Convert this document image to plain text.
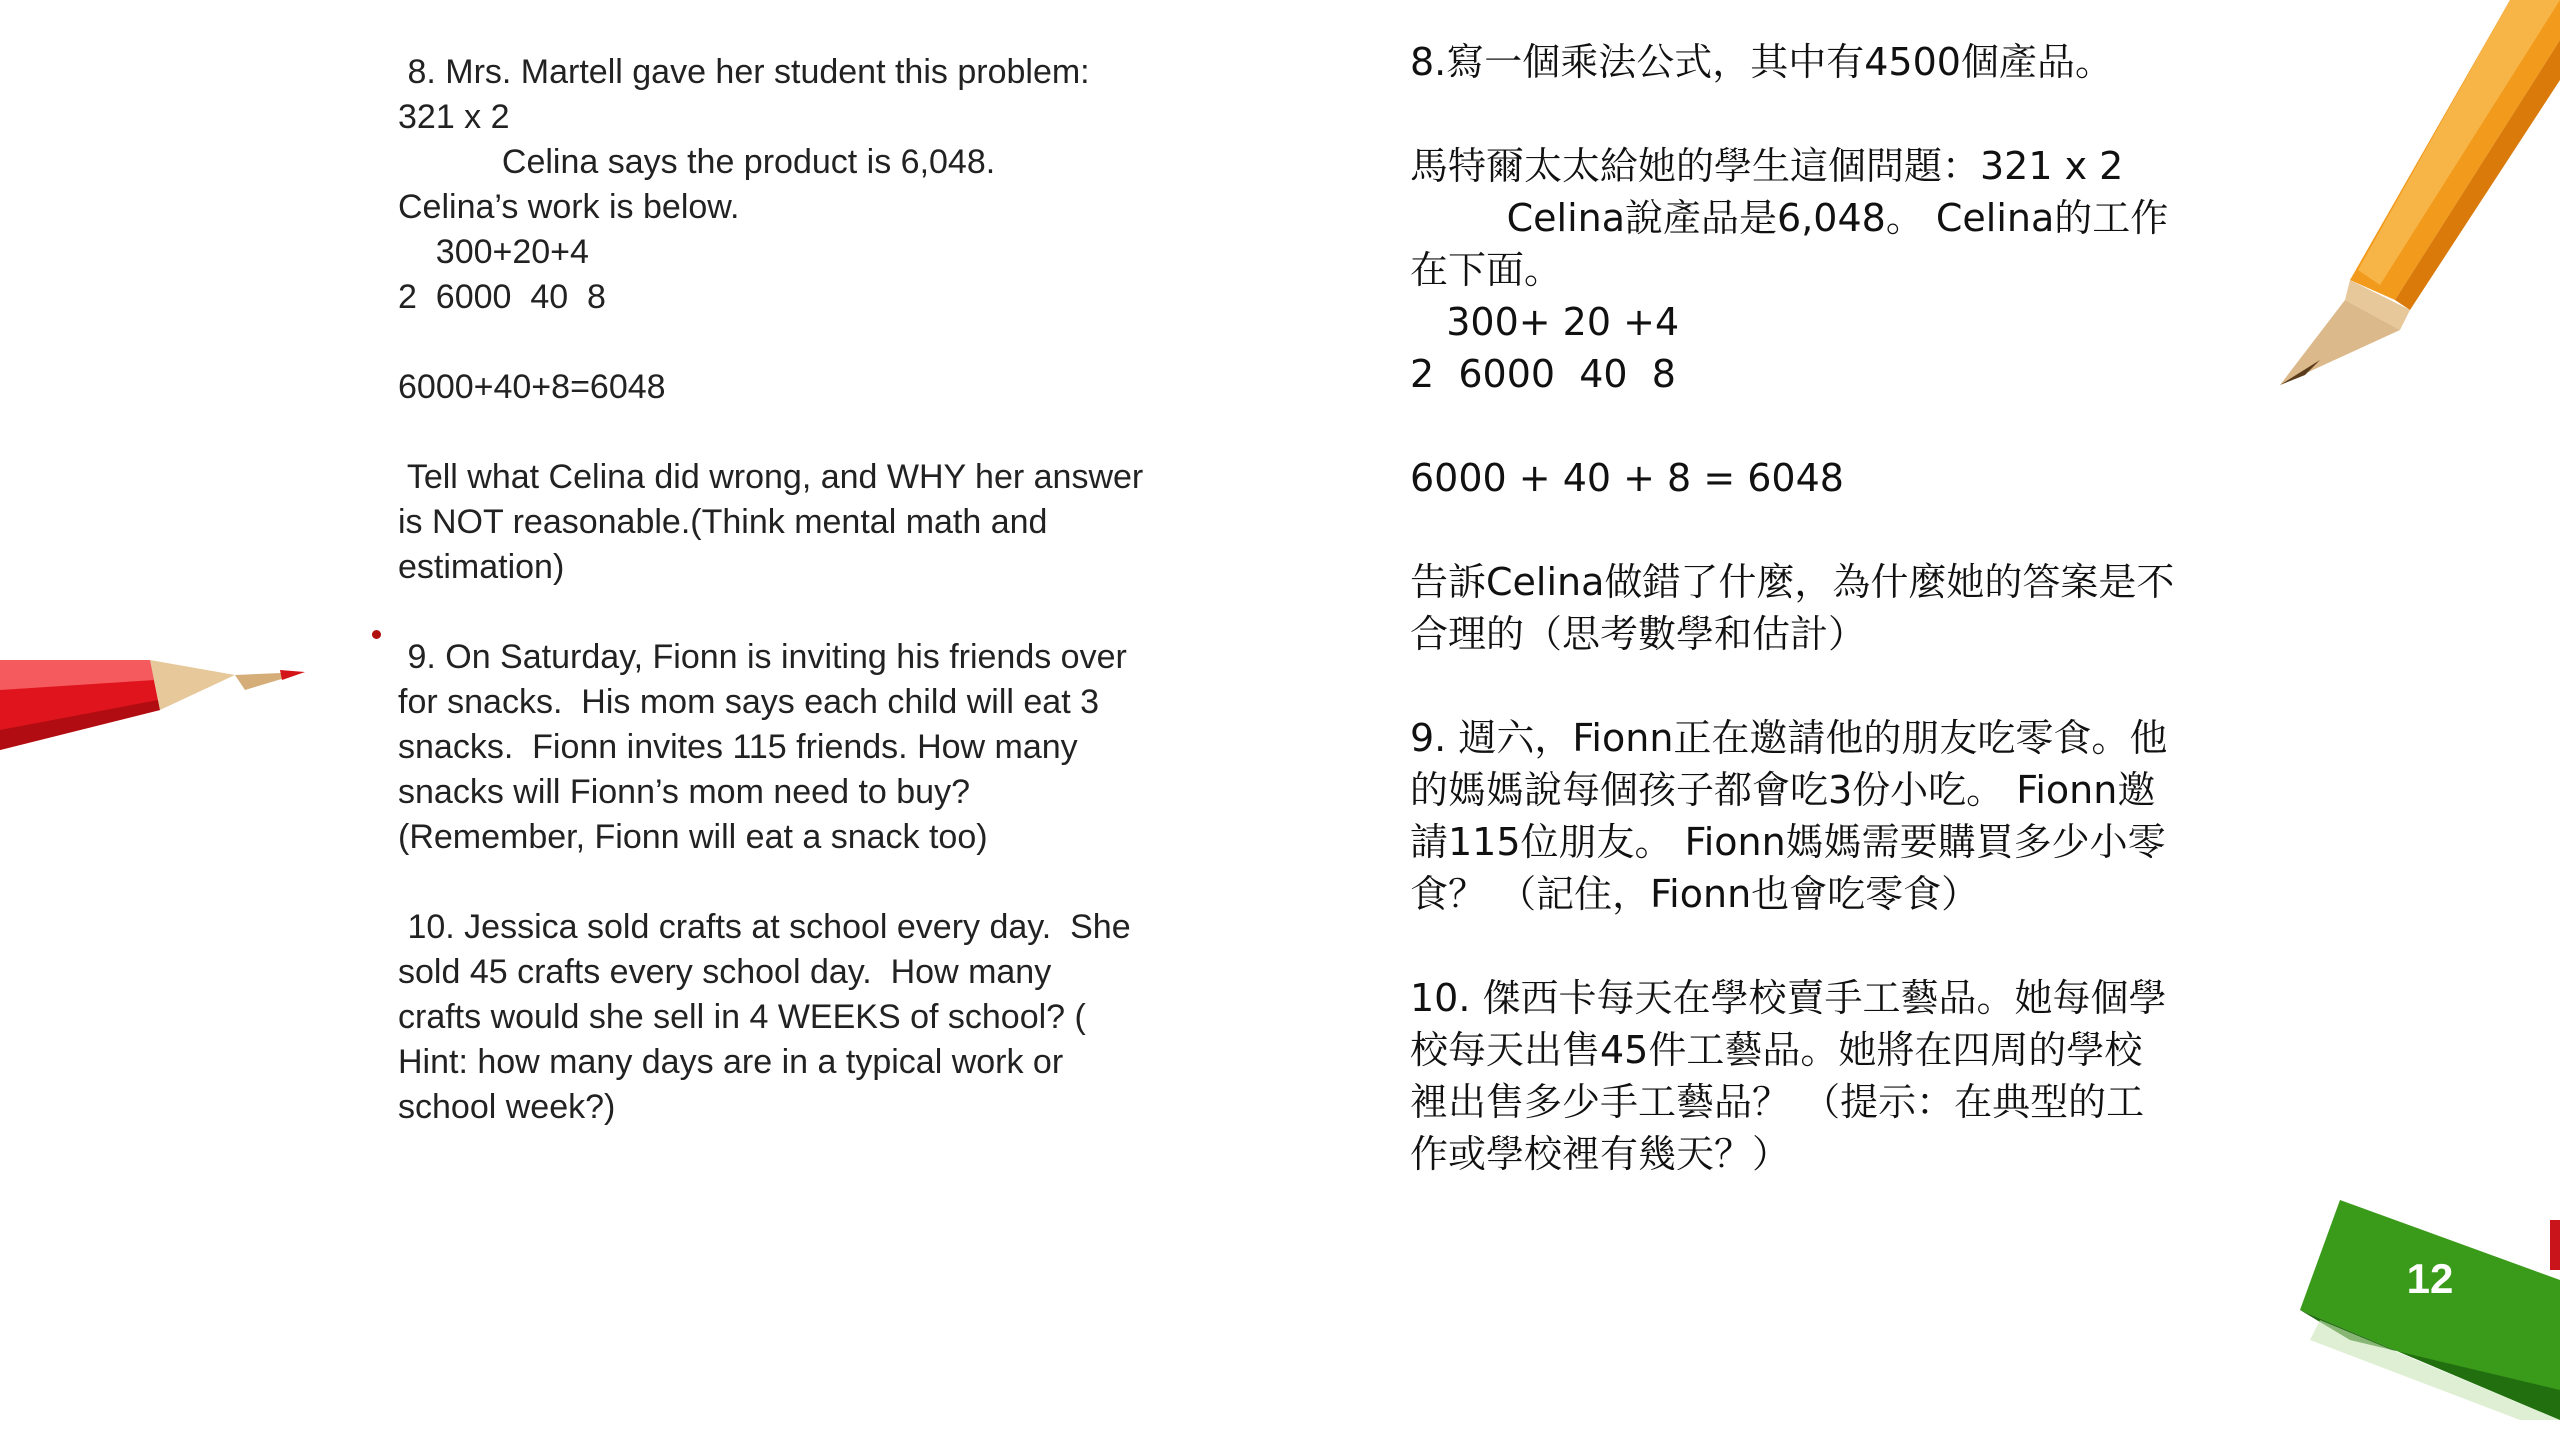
8. Mrs. Martell gave her student this problem:

321 x 2

Celina says the product is 6,048.

Celina’s work is below.

300+20+4

2  6000  40  8

6000+40+8=6048

Tell what Celina did wrong, and WHY her answer

is NOT reasonable.(Think mental math and

estimation)

9. On Saturday, Fionn is inviting his friends over

for snacks.  His mom says each child will eat 3

snacks.  Fionn invites 115 friends. How many

snacks will Fionn’s mom need to buy?

(Remember, Fionn will eat a snack too)

10. Jessica sold crafts at school every day.  She

sold 45 crafts every school day.  How many

crafts would she sell in 4 WEEKS of school? (

Hint: how many days are in a typical work or

school week?)

8.寫一個乘法公式，其中有4500個產品。

馬特爾太太給她的學生這個問題：321 x 2

Celina說產品是6,048。 Celina的工作

在下面。

300+ 20 +4

2  6000  40  8

6000 + 40 + 8 = 6048

告訴Celina做錯了什麼，為什麼她的答案是不

合理的（思考數學和估計）

9. 週六，Fionn正在邀請他的朋友吃零食。他

的媽媽說每個孩子都會吃3份小吃。 Fionn邀

請115位朋友。 Fionn媽媽需要購買多少小零

食？ （記住，Fionn也會吃零食）

10. 傑西卡每天在學校賣手工藝品。她每個學

校每天出售45件工藝品。她將在四周的學校

裡出售多少手工藝品？ （提示：在典型的工

作或學校裡有幾天？）

12
